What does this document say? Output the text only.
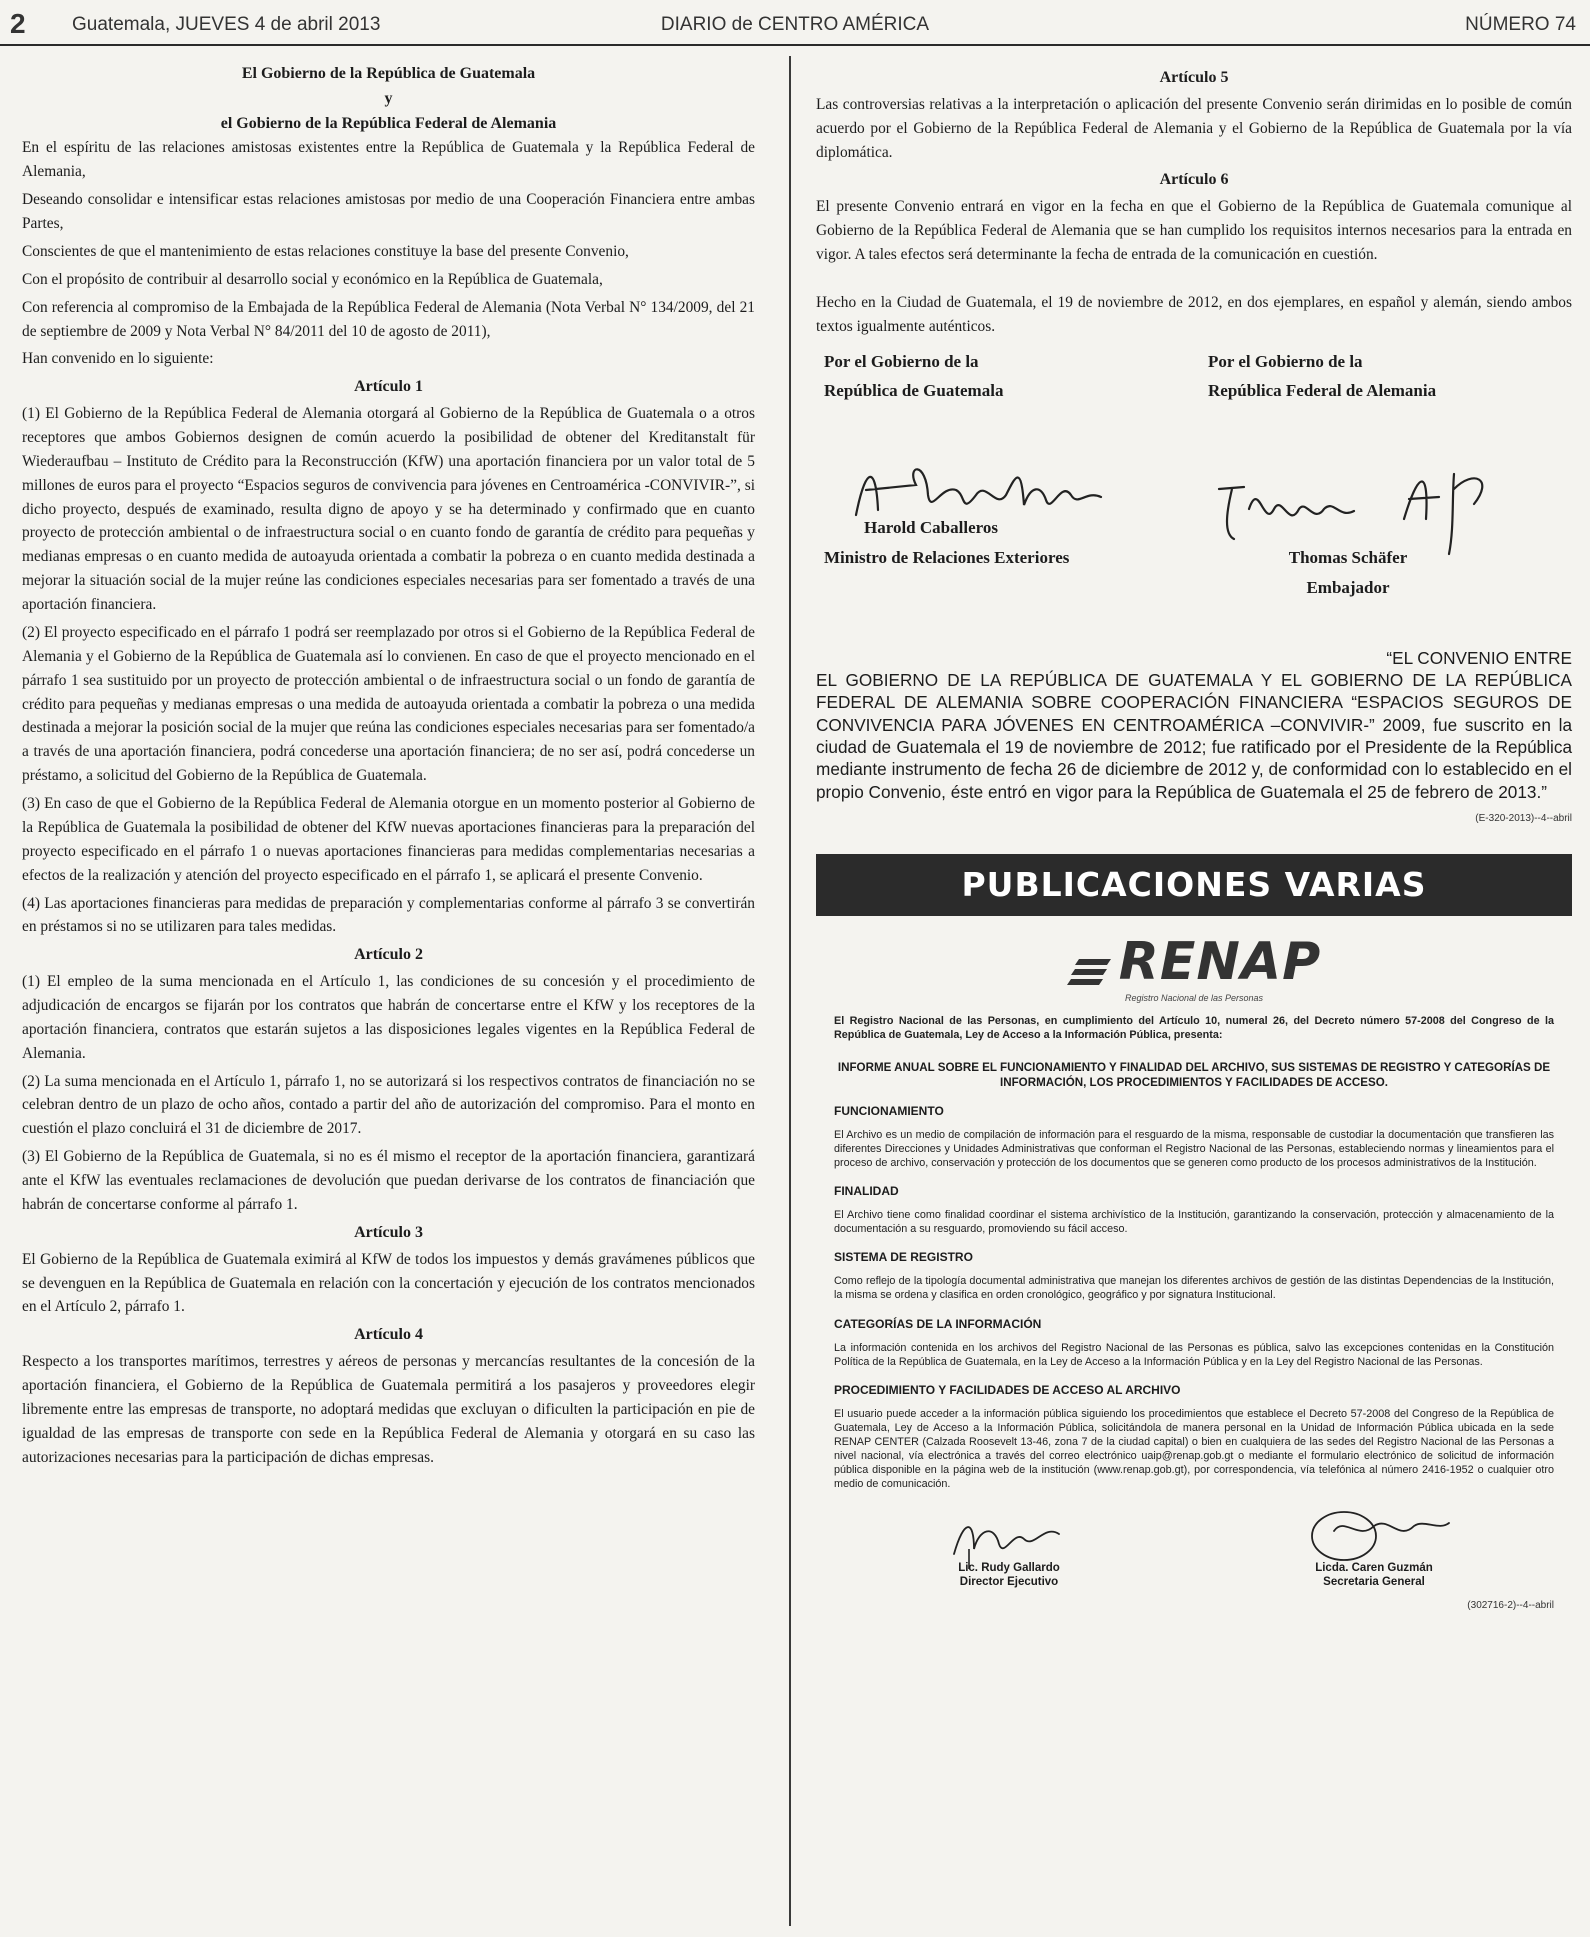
2 Guatemala, JUEVES 4 de abril 2013	DIARIO de CENTRO AMÉRICA	NÚMERO 74
El Gobierno de la República de Guatemala
y
el Gobierno de la República Federal de Alemania

En el espíritu de las relaciones amistosas existentes entre la República de Guatemala y la República Federal de Alemania,

Deseando consolidar e intensificar estas relaciones amistosas por medio de una Cooperación Financiera entre ambas Partes,

Conscientes de que el mantenimiento de estas relaciones constituye la base del presente Convenio,

Con el propósito de contribuir al desarrollo social y económico en la República de Guatemala,

Con referencia al compromiso de la Embajada de la República Federal de Alemania (Nota Verbal N° 134/2009, del 21 de septiembre de 2009 y Nota Verbal N° 84/2011 del 10 de agosto de 2011),

Han convenido en lo siguiente:

Artículo 1

(1) El Gobierno de la República Federal de Alemania otorgará al Gobierno de la República de Guatemala o a otros receptores que ambos Gobiernos designen de común acuerdo la posibilidad de obtener del Kreditanstalt für Wiederaufbau – Instituto de Crédito para la Reconstrucción (KfW) una aportación financiera por un valor total de 5 millones de euros para el proyecto “Espacios seguros de convivencia para jóvenes en Centroamérica -CONVIVIR-”, si dicho proyecto, después de examinado, resulta digno de apoyo y se ha determinado y confirmado que en cuanto proyecto de protección ambiental o de infraestructura social o en cuanto fondo de garantía de crédito para pequeñas y medianas empresas o en cuanto medida de autoayuda orientada a combatir la pobreza o en cuanto medida destinada a mejorar la situación social de la mujer reúne las condiciones especiales necesarias para ser fomentado a través de una aportación financiera.

(2) El proyecto especificado en el párrafo 1 podrá ser reemplazado por otros si el Gobierno de la República Federal de Alemania y el Gobierno de la República de Guatemala así lo convienen. En caso de que el proyecto mencionado en el párrafo 1 sea sustituido por un proyecto de protección ambiental o de infraestructura social o un fondo de garantía de crédito para pequeñas y medianas empresas o una medida de autoayuda orientada a combatir la pobreza o una medida destinada a mejorar la posición social de la mujer que reúna las condiciones especiales necesarias para ser fomentado/a a través de una aportación financiera, podrá concederse una aportación financiera; de no ser así, podrá concederse un préstamo, a solicitud del Gobierno de la República de Guatemala.

(3) En caso de que el Gobierno de la República Federal de Alemania otorgue en un momento posterior al Gobierno de la República de Guatemala la posibilidad de obtener del KfW nuevas aportaciones financieras para la preparación del proyecto especificado en el párrafo 1 o nuevas aportaciones financieras para medidas complementarias necesarias a efectos de la realización y atención del proyecto especificado en el párrafo 1, se aplicará el presente Convenio.

(4) Las aportaciones financieras para medidas de preparación y complementarias conforme al párrafo 3 se convertirán en préstamos si no se utilizaren para tales medidas.

Artículo 2

(1) El empleo de la suma mencionada en el Artículo 1, las condiciones de su concesión y el procedimiento de adjudicación de encargos se fijarán por los contratos que habrán de concertarse entre el KfW y los receptores de la aportación financiera, contratos que estarán sujetos a las disposiciones legales vigentes en la República Federal de Alemania.

(2) La suma mencionada en el Artículo 1, párrafo 1, no se autorizará si los respectivos contratos de financiación no se celebran dentro de un plazo de ocho años, contado a partir del año de autorización del compromiso. Para el monto en cuestión el plazo concluirá el 31 de diciembre de 2017.

(3) El Gobierno de la República de Guatemala, si no es él mismo el receptor de la aportación financiera, garantizará ante el KfW las eventuales reclamaciones de devolución que puedan derivarse de los contratos de financiación que habrán de concertarse conforme al párrafo 1.

Artículo 3

El Gobierno de la República de Guatemala eximirá al KfW de todos los impuestos y demás gravámenes públicos que se devenguen en la República de Guatemala en relación con la concertación y ejecución de los contratos mencionados en el Artículo 2, párrafo 1.

Artículo 4

Respecto a los transportes marítimos, terrestres y aéreos de personas y mercancías resultantes de la concesión de la aportación financiera, el Gobierno de la República de Guatemala permitirá a los pasajeros y proveedores elegir libremente entre las empresas de transporte, no adoptará medidas que excluyan o dificulten la participación en pie de igualdad de las empresas de transporte con sede en la República Federal de Alemania y otorgará en su caso las autorizaciones necesarias para la participación de dichas empresas.

Artículo 5

Las controversias relativas a la interpretación o aplicación del presente Convenio serán dirimidas en lo posible de común acuerdo por el Gobierno de la República Federal de Alemania y el Gobierno de la República de Guatemala por la vía diplomática.

Artículo 6

El presente Convenio entrará en vigor en la fecha en que el Gobierno de la República de Guatemala comunique al Gobierno de la República Federal de Alemania que se han cumplido los requisitos internos necesarios para la entrada en vigor. A tales efectos será determinante la fecha de entrada de la comunicación en cuestión.

Hecho en la Ciudad de Guatemala, el 19 de noviembre de 2012, en dos ejemplares, en español y alemán, siendo ambos textos igualmente auténticos.

Por el Gobierno de la
República de Guatemala
Por el Gobierno de la
República Federal de Alemania
Harold Caballeros
Ministro de Relaciones Exteriores	Thomas Schäfer
Embajador
“EL CONVENIO ENTRE
EL GOBIERNO DE LA REPÚBLICA DE GUATEMALA Y EL GOBIERNO DE LA REPÚBLICA FEDERAL DE ALEMANIA SOBRE COOPERACIÓN FINANCIERA “ESPACIOS SEGUROS DE CONVIVENCIA PARA JÓVENES EN CENTROAMÉRICA –CONVIVIR-” 2009, fue suscrito en la ciudad de Guatemala el 19 de noviembre de 2012; fue ratificado por el Presidente de la República mediante instrumento de fecha 26 de diciembre de 2012 y, de conformidad con lo establecido en el propio Convenio, éste entró en vigor para la República de Guatemala el 25 de febrero de 2013.”
(E-320-2013)--4--abril
PUBLICACIONES VARIAS
RENAP
Registro Nacional de las Personas

El Registro Nacional de las Personas, en cumplimiento del Artículo 10, numeral 26, del Decreto número 57-2008 del Congreso de la República de Guatemala, Ley de Acceso a la Información Pública, presenta:

INFORME ANUAL SOBRE EL FUNCIONAMIENTO Y FINALIDAD DEL ARCHIVO, SUS SISTEMAS DE REGISTRO Y CATEGORÍAS DE INFORMACIÓN, LOS PROCEDIMIENTOS Y FACILIDADES DE ACCESO.

FUNCIONAMIENTO

El Archivo es un medio de compilación de información para el resguardo de la misma, responsable de custodiar la documentación que transfieren las diferentes Direcciones y Unidades Administrativas que conforman el Registro Nacional de las Personas, estableciendo normas y lineamientos para el proceso de archivo, conservación y protección de los documentos que se generen como producto de los procesos administrativos de la Institución.

FINALIDAD

El Archivo tiene como finalidad coordinar el sistema archivístico de la Institución, garantizando la conservación, protección y almacenamiento de la documentación a su resguardo, promoviendo su fácil acceso.

SISTEMA DE REGISTRO

Como reflejo de la tipología documental administrativa que manejan los diferentes archivos de gestión de las distintas Dependencias de la Institución, la misma se ordena y clasifica en orden cronológico, geográfico y por signatura Institucional.

CATEGORÍAS DE LA INFORMACIÓN

La información contenida en los archivos del Registro Nacional de las Personas es pública, salvo las excepciones contenidas en la Constitución Política de la República de Guatemala, en la Ley de Acceso a la Información Pública y en la Ley del Registro Nacional de las Personas.

PROCEDIMIENTO Y FACILIDADES DE ACCESO AL ARCHIVO

El usuario puede acceder a la información pública siguiendo los procedimientos que establece el Decreto 57-2008 del Congreso de la República de Guatemala, Ley de Acceso a la Información Pública, solicitándola de manera personal en la Unidad de Información Pública ubicada en la sede RENAP CENTER (Calzada Roosevelt 13-46, zona 7 de la ciudad capital) o bien en cualquiera de las sedes del Registro Nacional de las Personas a nivel nacional, vía electrónica a través del correo electrónico uaip@renap.gob.gt o mediante el formulario electrónico de solicitud de información pública disponible en la página web de la institución (www.renap.gob.gt), por correspondencia, vía telefónica al número 2416-1952 o cualquier otro medio de comunicación.

Lic. Rudy Gallardo
Director Ejecutivo
Licda. Caren Guzmán
Secretaria General
(302716-2)--4--abril
